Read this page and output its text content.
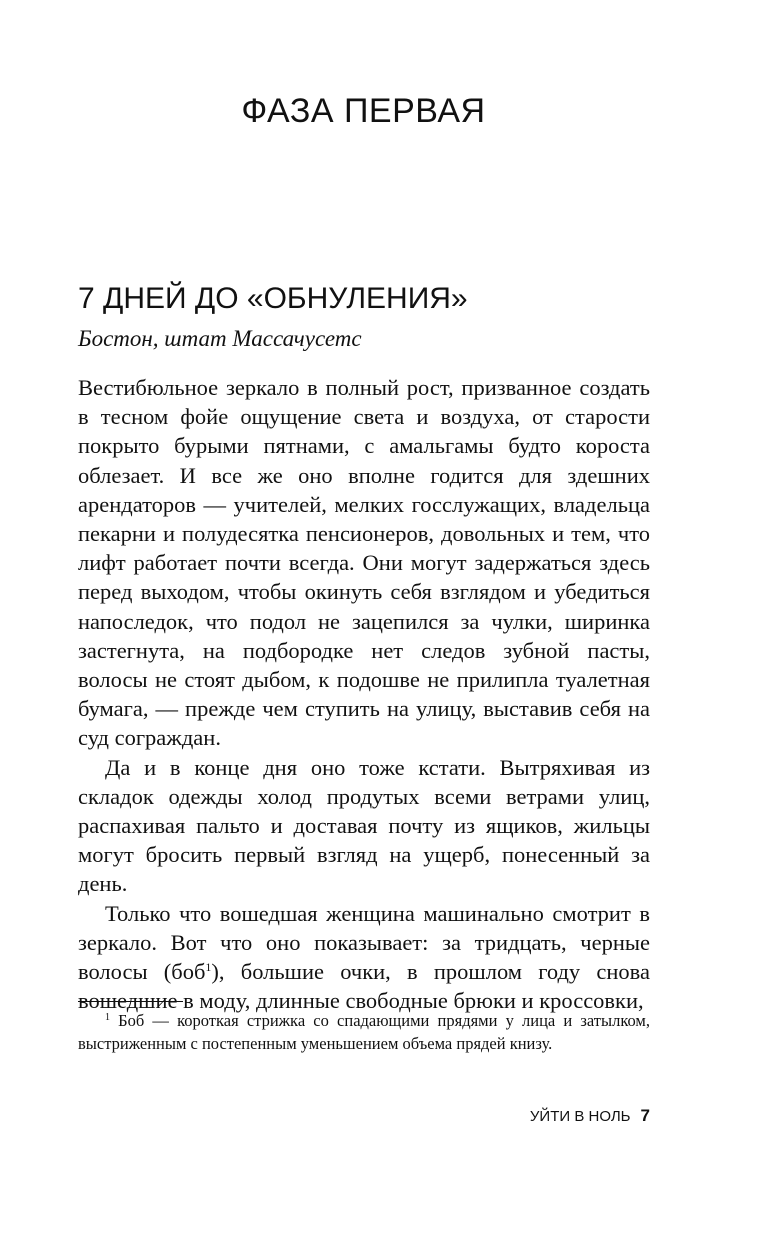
ФАЗА ПЕРВАЯ
7 ДНЕЙ ДО «ОБНУЛЕНИЯ»

Бостон, штат Массачусетс

Вестибюльное зеркало в полный рост, призванное создать в тесном фойе ощущение света и воздуха, от старости покрыто бурыми пятнами, с амальгамы будто короста облезает. И все же оно вполне годится для здешних арендаторов — учителей, мелких госслужащих, владельца пекарни и полудесятка пенсионеров, довольных и тем, что лифт работает почти всегда. Они могут задержаться здесь перед выходом, чтобы окинуть себя взглядом и убедиться напоследок, что подол не зацепился за чулки, ширинка застегнута, на подбородке нет следов зубной пасты, волосы не стоят дыбом, к подошве не прилипла туалетная бумага, — прежде чем ступить на улицу, выставив себя на суд сограждан.

Да и в конце дня оно тоже кстати. Вытряхивая из складок одежды холод продутых всеми ветрами улиц, распахивая пальто и доставая почту из ящиков, жильцы могут бросить первый взгляд на ущерб, понесенный за день.

Только что вошедшая женщина машинально смотрит в зеркало. Вот что оно показывает: за тридцать, черные волосы (боб$^1$), большие очки, в прошлом году снова вошедшие в моду, длинные свободные брюки и кроссовки,

$^1$ Боб — короткая стрижка со спадающими прядями у лица и затылком, выстриженным с постепенным уменьшением объема прядей книзу.

УЙТИ В НОЛЬ 7
